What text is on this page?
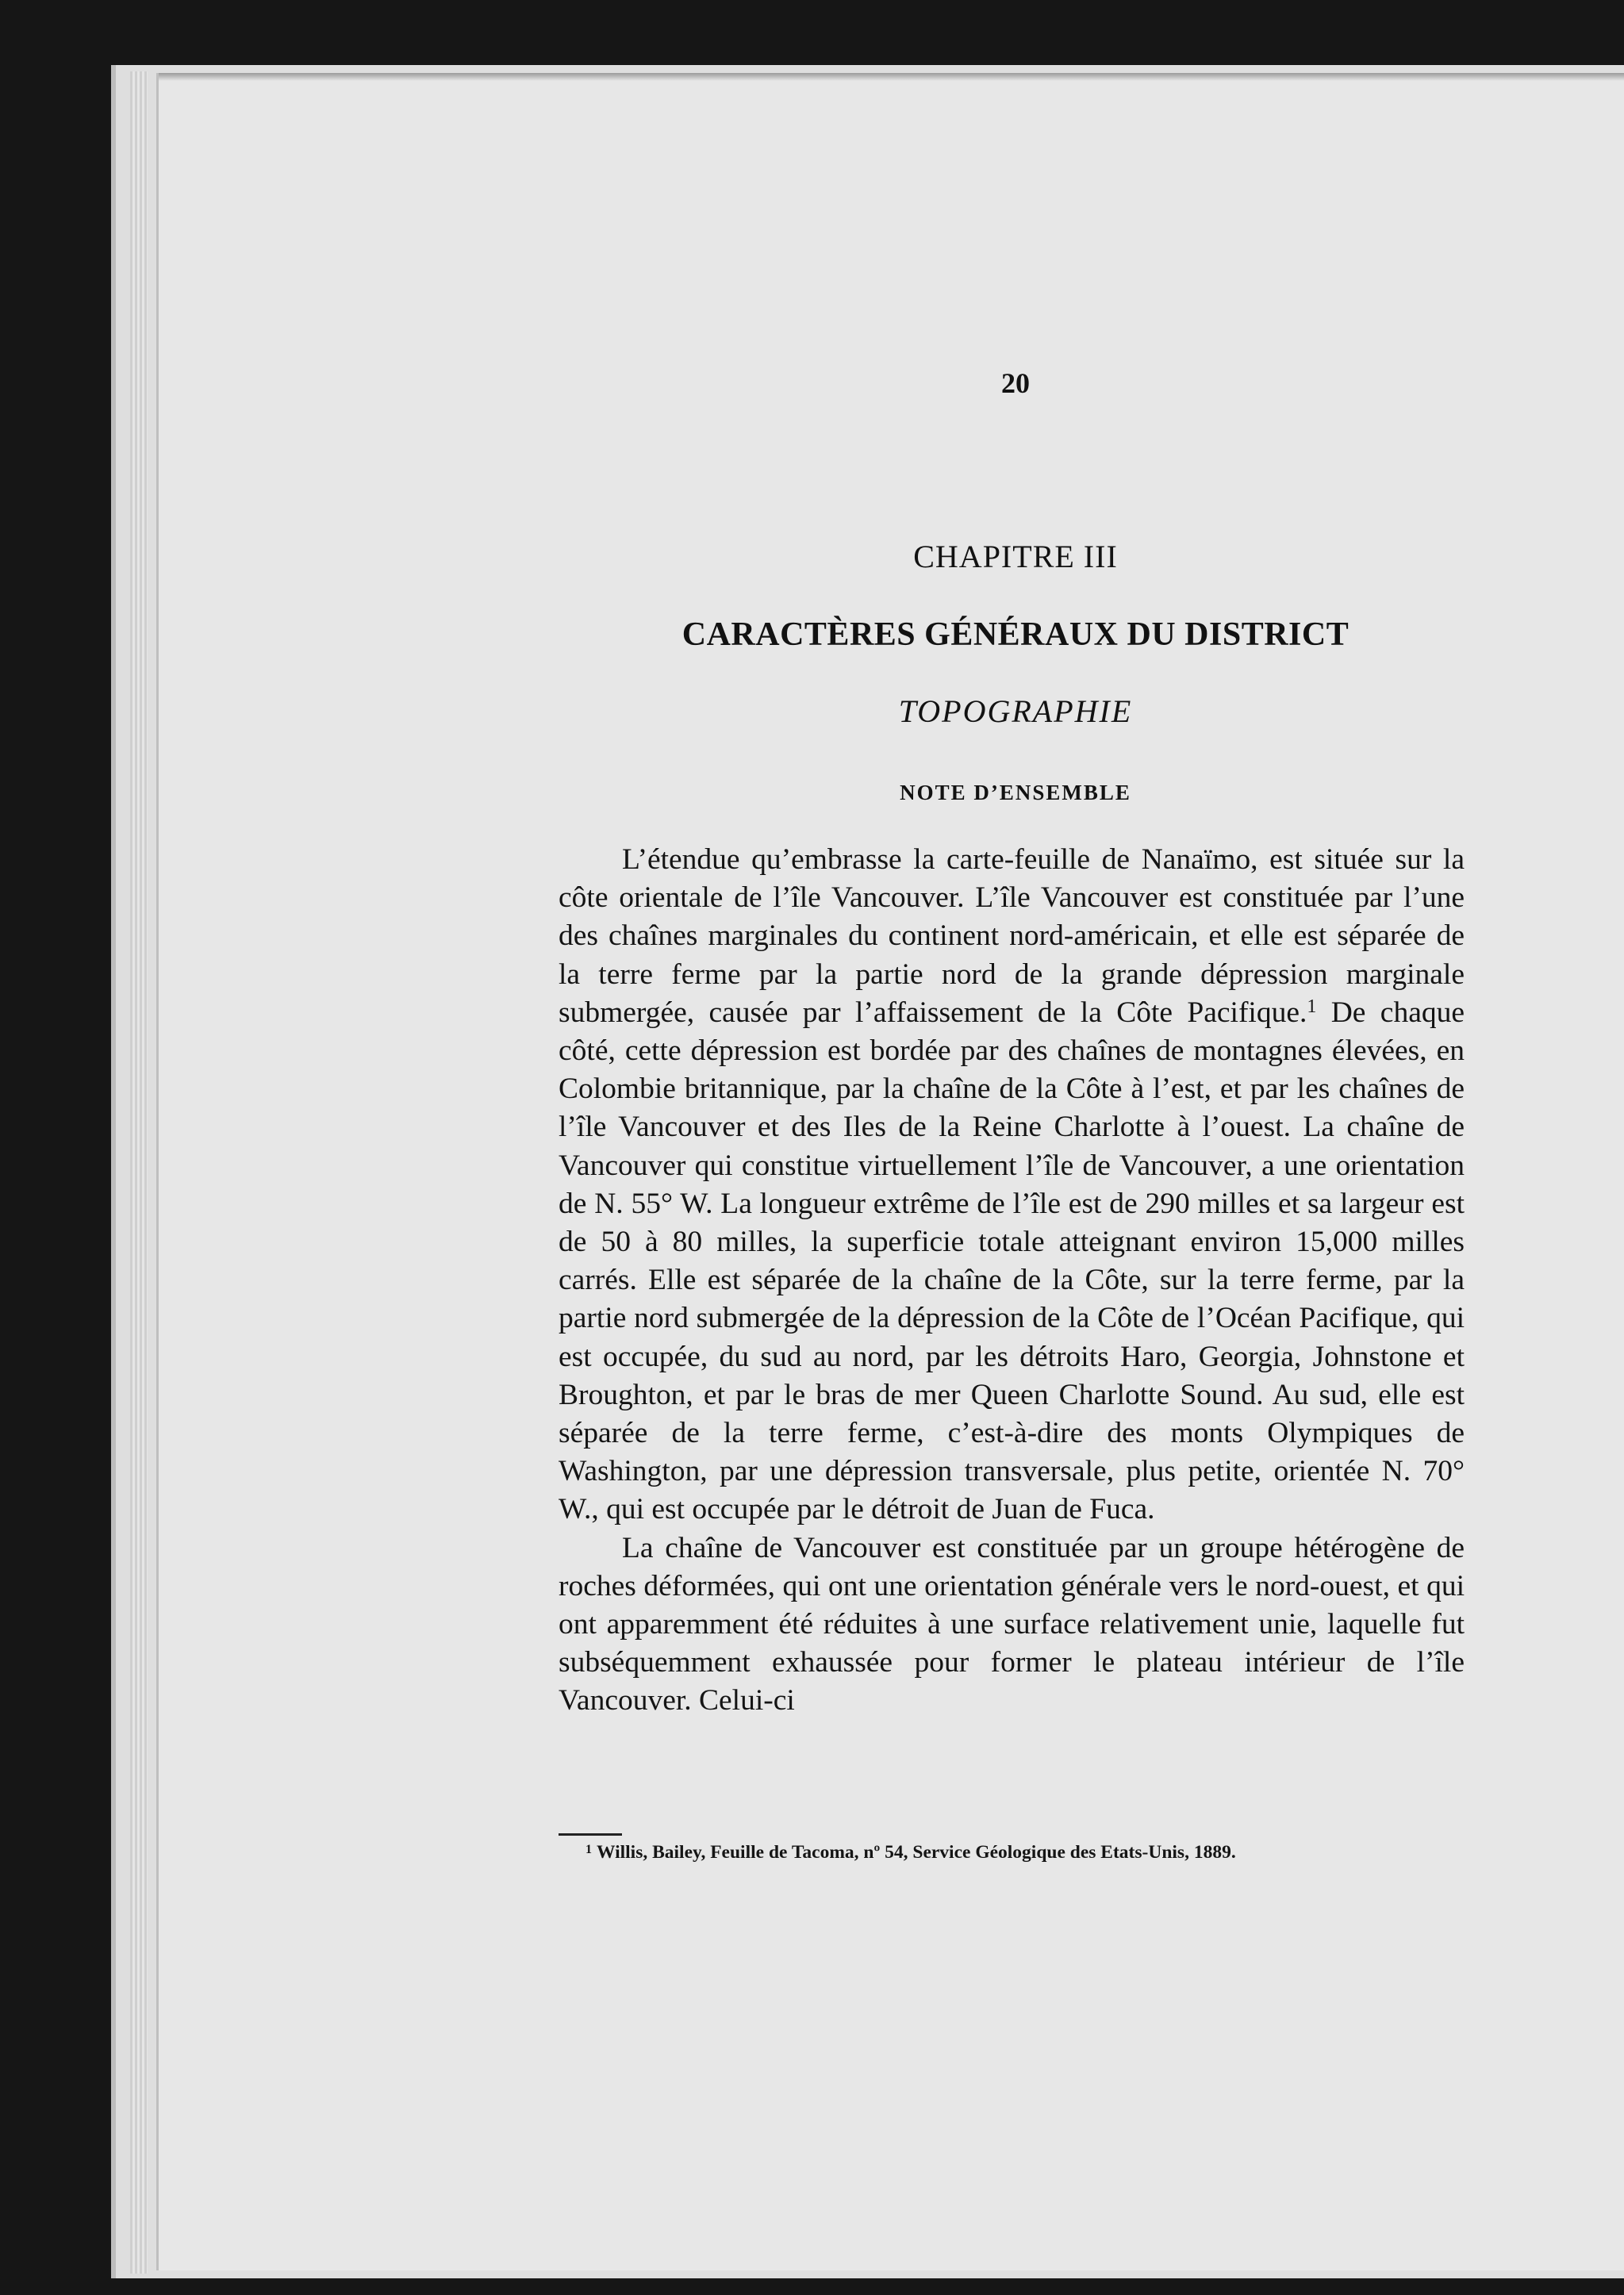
20
CHAPITRE III
CARACTÈRES GÉNÉRAUX DU DISTRICT
TOPOGRAPHIE
NOTE D’ENSEMBLE

L’étendue qu’embrasse la carte-feuille de Nanaïmo, est située sur la côte orientale de l’île Vancouver. L’île Vancouver est constituée par l’une des chaînes marginales du continent nord-américain, et elle est séparée de la terre ferme par la partie nord de la grande dépression marginale submergée, causée par l’affaissement de la Côte Pacifique.$^1$ De chaque côté, cette dépression est bordée par des chaînes de montagnes élevées, en Colombie britannique, par la chaîne de la Côte à l’est, et par les chaînes de l’île Vancouver et des Iles de la Reine Charlotte à l’ouest. La chaîne de Vancouver qui constitue virtuellement l’île de Vancouver, a une orientation de N. 55° W. La longueur extrême de l’île est de 290 milles et sa largeur est de 50 à 80 milles, la superficie totale atteignant environ 15,000 milles carrés. Elle est séparée de la chaîne de la Côte, sur la terre ferme, par la partie nord submergée de la dépression de la Côte de l’Océan Pacifique, qui est occupée, du sud au nord, par les détroits Haro, Georgia, Johnstone et Broughton, et par le bras de mer Queen Charlotte Sound. Au sud, elle est séparée de la terre ferme, c’est-à-dire des monts Olympiques de Washington, par une dépression transversale, plus petite, orientée N. 70° W., qui est occupée par le détroit de Juan de Fuca.

La chaîne de Vancouver est constituée par un groupe hétérogène de roches déformées, qui ont une orientation générale vers le nord-ouest, et qui ont apparemment été réduites à une surface relativement unie, laquelle fut subséquemment exhaussée pour former le plateau intérieur de l’île Vancouver. Celui-ci

$^1$ Willis, Bailey, Feuille de Tacoma, nº 54, Service Géologique des Etats-Unis, 1889.
